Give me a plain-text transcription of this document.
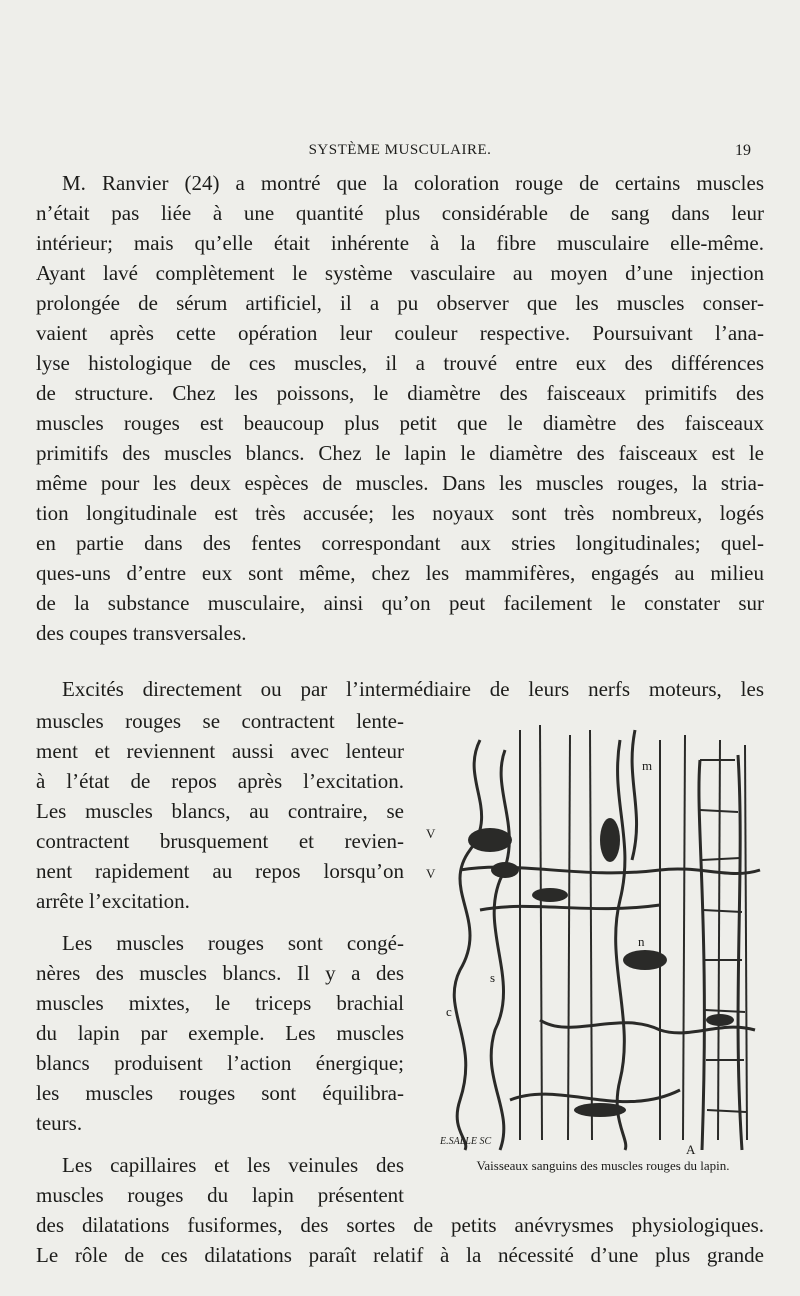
SYSTÈME MUSCULAIRE.	19
M. Ranvier (24) a montré que la coloration rouge de certains muscles
n’était pas liée à une quantité plus considérable de sang dans leur
intérieur; mais qu’elle était inhérente à la fibre musculaire elle-même.
Ayant lavé complètement le système vasculaire au moyen d’une injection
prolongée de sérum artificiel, il a pu observer que les muscles conser-
vaient après cette opération leur couleur respective. Poursuivant l’ana-
lyse histologique de ces muscles, il a trouvé entre eux des différences
de structure. Chez les poissons, le diamètre des faisceaux primitifs des
muscles rouges est beaucoup plus petit que le diamètre des faisceaux
primitifs des muscles blancs. Chez le lapin le diamètre des faisceaux est le
même pour les deux espèces de muscles. Dans les muscles rouges, la stria-
tion longitudinale est très accusée; les noyaux sont très nombreux, logés
en partie dans des fentes correspondant aux stries longitudinales; quel-
ques-uns d’entre eux sont même, chez les mammifères, engagés au milieu
de la substance musculaire, ainsi qu’on peut facilement le constater sur
des coupes transversales.
Excités directement ou par l’intermédiaire de leurs nerfs moteurs, les
muscles rouges se contractent lente-
ment et reviennent aussi avec lenteur
à l’état de repos après l’excitation.
Les muscles blancs, au contraire, se
contractent brusquement et revien-
nent rapidement au repos lorsqu’on
arrête l’excitation.
Les muscles rouges sont congé-
nères des muscles blancs. Il y a des
muscles mixtes, le triceps brachial
du lapin par exemple. Les muscles
blancs produisent l’action énergique;
les muscles rouges sont équilibra-
teurs.
Les capillaires et les veinules des
muscles rouges du lapin présentent
des dilatations fusiformes, des sortes de petits anévrysmes physiologiques.
Le rôle de ces dilatations paraît relatif à la nécessité d’une plus grande
m
V
V
n
s
c
A
E.SALLE SC
Vaisseaux sanguins des muscles rouges du lapin.
